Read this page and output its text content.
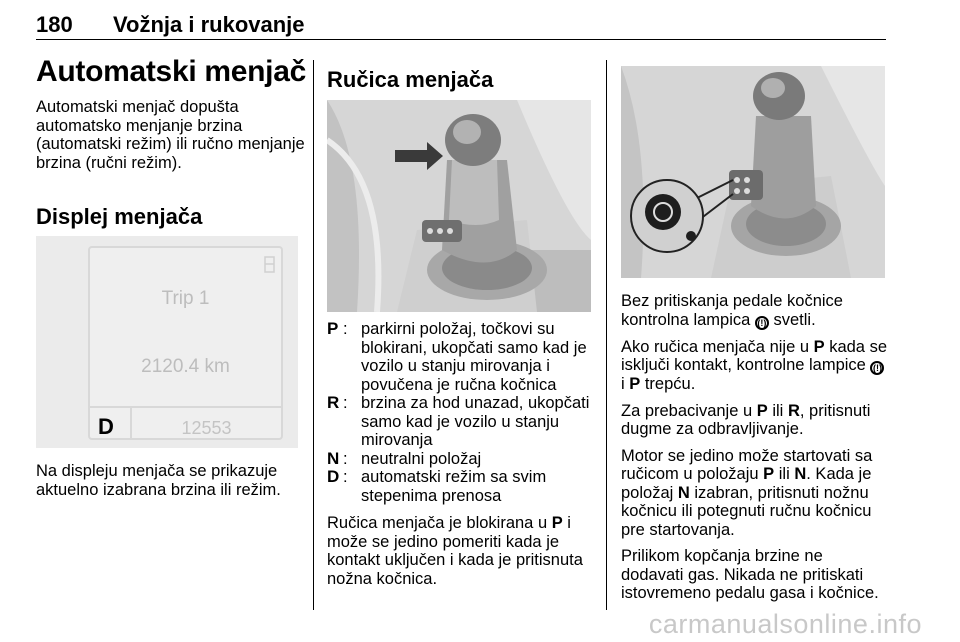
180 Vožnja i rukovanje
Automatski menjač

Automatski menjač dopušta automatsko menjanje brzina (automatski režim) ili ručno menjanje brzina (ručni režim).

Displej menjača
Trip 1
2120.4 km
D	12553

Na displeju menjača se prikazuje aktuelno izabrana brzina ili režim.

Ručica menjača
P : parkirni položaj, točkovi su blokirani, ukopčati samo kad je vozilo u stanju mirovanja i povučena je ručna kočnica
R : brzina za hod unazad, ukopčati samo kad je vozilo u stanju mirovanja
N : neutralni položaj
D : automatski režim sa svim stepenima prenosa

Ručica menjača je blokirana u P i može se jedino pomeriti kada je kontakt uključen i kada je pritisnuta nožna kočnica.

Bez pritiskanja pedale kočnice kontrolna lampica (!) svetli.

Ako ručica menjača nije u P kada se isključi kontakt, kontrolne lampice (!)
i P trepću.

Za prebacivanje u P ili R, pritisnuti dugme za odbravljivanje.

Motor se jedino može startovati sa ručicom u položaju P ili N. Kada je položaj N izabran, pritisnuti nožnu kočnicu ili potegnuti ručnu kočnicu pre startovanja.

Prilikom kopčanja brzine ne dodavati gas. Nikada ne pritiskati istovremeno pedalu gasa i kočnice.

carmanualsonline.info
